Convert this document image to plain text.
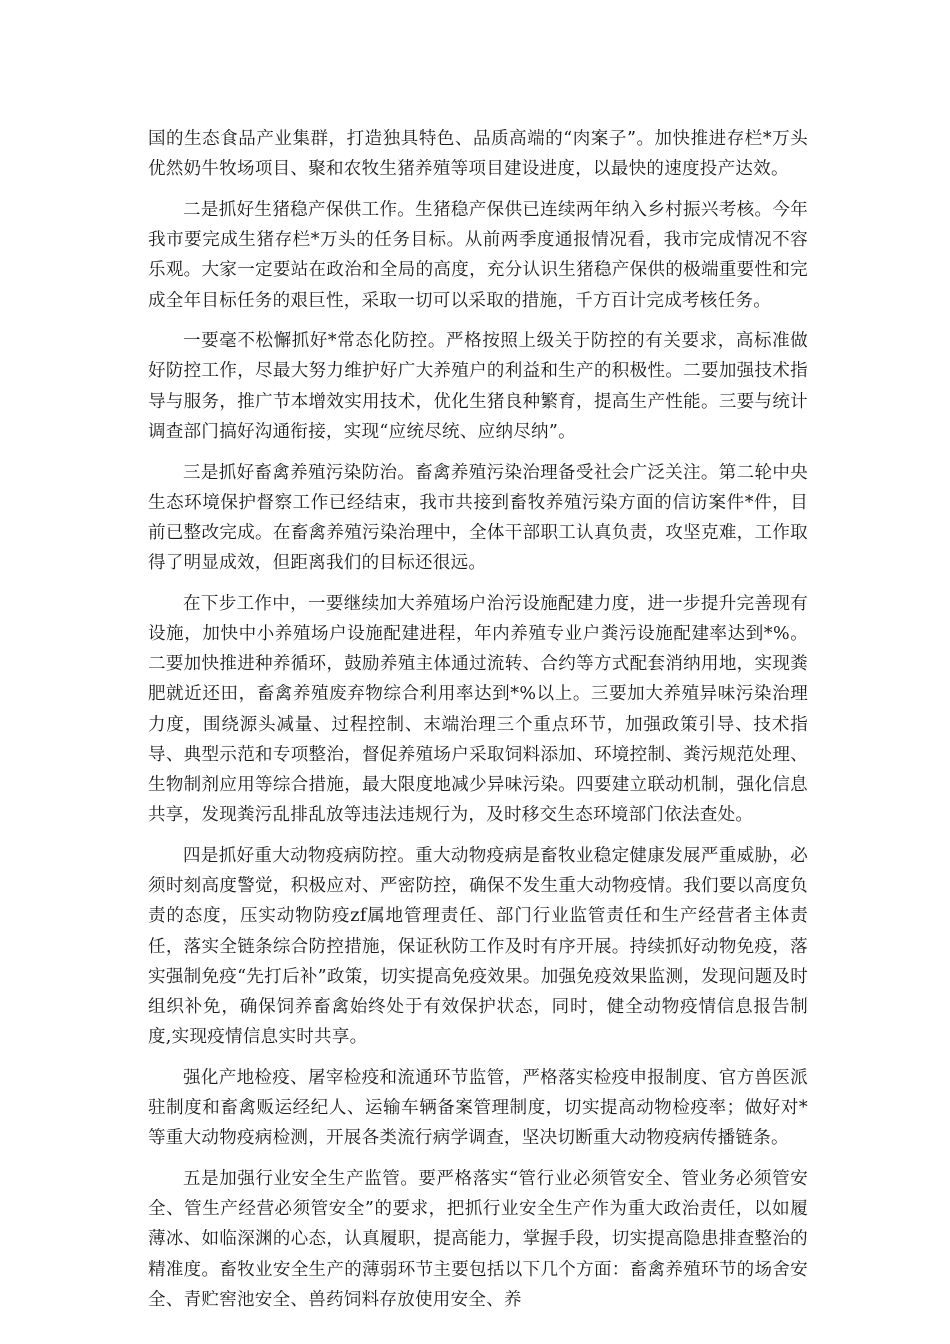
国的生态食品产业集群，打造独具特色、品质高端的“肉案子”。加快推进存栏*万头优然奶牛牧场项目、聚和农牧生猪养殖等项目建设进度，以最快的速度投产达效。

二是抓好生猪稳产保供工作。生猪稳产保供已连续两年纳入乡村振兴考核。今年我市要完成生猪存栏*万头的任务目标。从前两季度通报情况看，我市完成情况不容乐观。大家一定要站在政治和全局的高度，充分认识生猪稳产保供的极端重要性和完成全年目标任务的艰巨性，采取一切可以采取的措施，千方百计完成考核任务。

一要毫不松懈抓好*常态化防控。严格按照上级关于防控的有关要求，高标准做好防控工作，尽最大努力维护好广大养殖户的利益和生产的积极性。二要加强技术指导与服务，推广节本增效实用技术，优化生猪良种繁育，提高生产性能。三要与统计调查部门搞好沟通衔接，实现“应统尽统、应纳尽纳”。

三是抓好畜禽养殖污染防治。畜禽养殖污染治理备受社会广泛关注。第二轮中央生态环境保护督察工作已经结束，我市共接到畜牧养殖污染方面的信访案件*件，目前已整改完成。在畜禽养殖污染治理中，全体干部职工认真负责，攻坚克难，工作取得了明显成效，但距离我们的目标还很远。

在下步工作中，一要继续加大养殖场户治污设施配建力度，进一步提升完善现有设施，加快中小养殖场户设施配建进程，年内养殖专业户粪污设施配建率达到*%。二要加快推进种养循环，鼓励养殖主体通过流转、合约等方式配套消纳用地，实现粪肥就近还田，畜禽养殖废弃物综合利用率达到*%以上。三要加大养殖异味污染治理力度，围绕源头减量、过程控制、末端治理三个重点环节，加强政策引导、技术指导、典型示范和专项整治，督促养殖场户采取饲料添加、环境控制、粪污规范处理、生物制剂应用等综合措施，最大限度地减少异味污染。四要建立联动机制，强化信息共享，发现粪污乱排乱放等违法违规行为，及时移交生态环境部门依法查处。

四是抓好重大动物疫病防控。重大动物疫病是畜牧业稳定健康发展严重威胁，必须时刻高度警觉，积极应对、严密防控，确保不发生重大动物疫情。我们要以高度负责的态度，压实动物防疫zf属地管理责任、部门行业监管责任和生产经营者主体责任，落实全链条综合防控措施，保证秋防工作及时有序开展。持续抓好动物免疫，落实强制免疫“先打后补”政策，切实提高免疫效果。加强免疫效果监测，发现问题及时组织补免，确保饲养畜禽始终处于有效保护状态，同时，健全动物疫情信息报告制度,实现疫情信息实时共享。

强化产地检疫、屠宰检疫和流通环节监管，严格落实检疫申报制度、官方兽医派驻制度和畜禽贩运经纪人、运输车辆备案管理制度，切实提高动物检疫率；做好对*等重大动物疫病检测，开展各类流行病学调查，坚决切断重大动物疫病传播链条。

五是加强行业安全生产监管。要严格落实“管行业必须管安全、管业务必须管安全、管生产经营必须管安全”的要求，把抓行业安全生产作为重大政治责任，以如履薄冰、如临深渊的心态，认真履职，提高能力，掌握手段，切实提高隐患排查整治的精准度。畜牧业安全生产的薄弱环节主要包括以下几个方面：畜禽养殖环节的场舍安全、青贮窖池安全、兽药饲料存放使用安全、养
